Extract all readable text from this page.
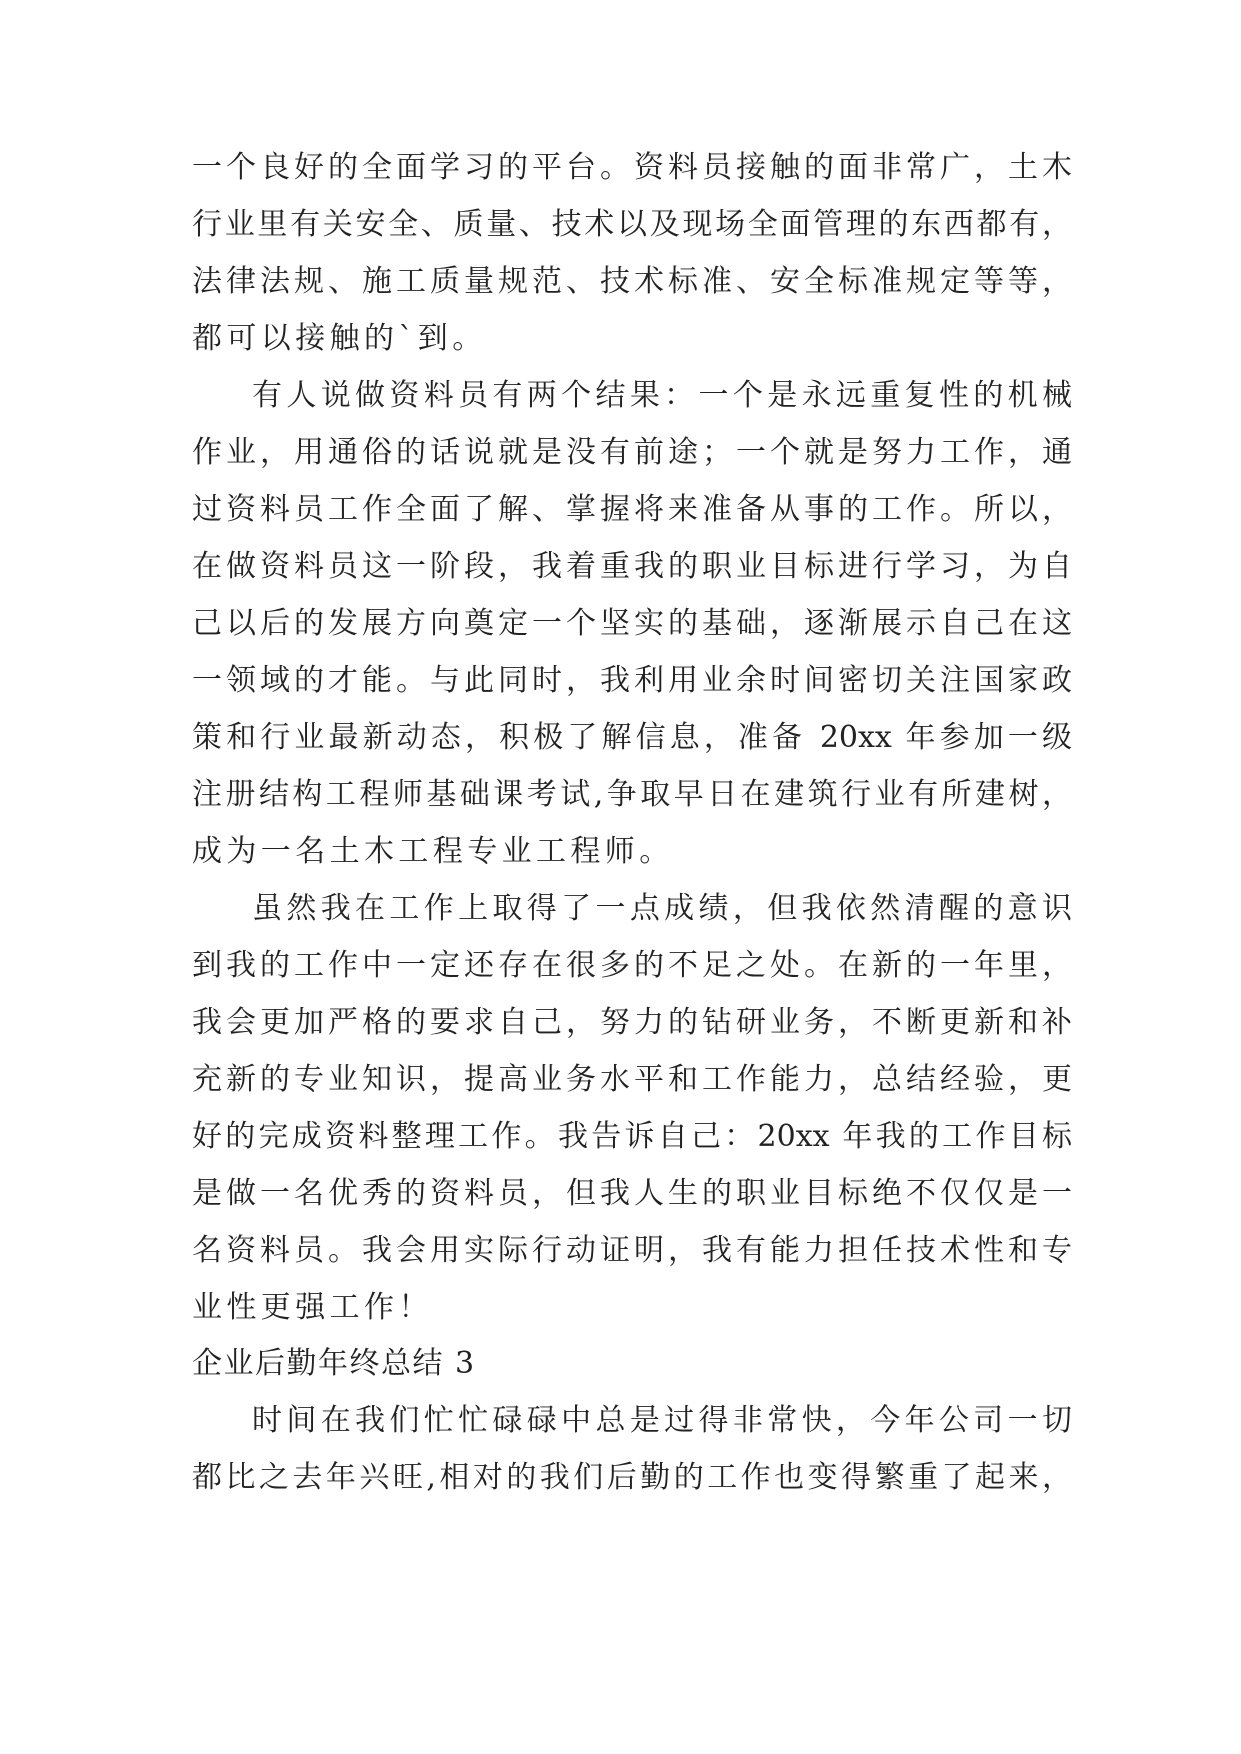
一个良好的全面学习的平台。资料员接触的面非常广，土木

行业里有关安全、质量、技术以及现场全面管理的东西都有，

法律法规、施工质量规范、技术标准、安全标准规定等等，

都可以接触的`到。

有人说做资料员有两个结果：一个是永远重复性的机械

作业，用通俗的话说就是没有前途；一个就是努力工作，通

过资料员工作全面了解、掌握将来准备从事的工作。所以，

在做资料员这一阶段，我着重我的职业目标进行学习，为自

己以后的发展方向奠定一个坚实的基础，逐渐展示自己在这

一领域的才能。与此同时，我利用业余时间密切关注国家政

策和行业最新动态，积极了解信息，准备 20xx 年参加一级

注册结构工程师基础课考试,争取早日在建筑行业有所建树，

成为一名土木工程专业工程师。

虽然我在工作上取得了一点成绩，但我依然清醒的意识

到我的工作中一定还存在很多的不足之处。在新的一年里，

我会更加严格的要求自己，努力的钻研业务，不断更新和补

充新的专业知识，提高业务水平和工作能力，总结经验，更

好的完成资料整理工作。我告诉自己：20xx 年我的工作目标

是做一名优秀的资料员，但我人生的职业目标绝不仅仅是一

名资料员。我会用实际行动证明，我有能力担任技术性和专

业性更强工作！

企业后勤年终总结 3

时间在我们忙忙碌碌中总是过得非常快，今年公司一切

都比之去年兴旺,相对的我们后勤的工作也变得繁重了起来，
